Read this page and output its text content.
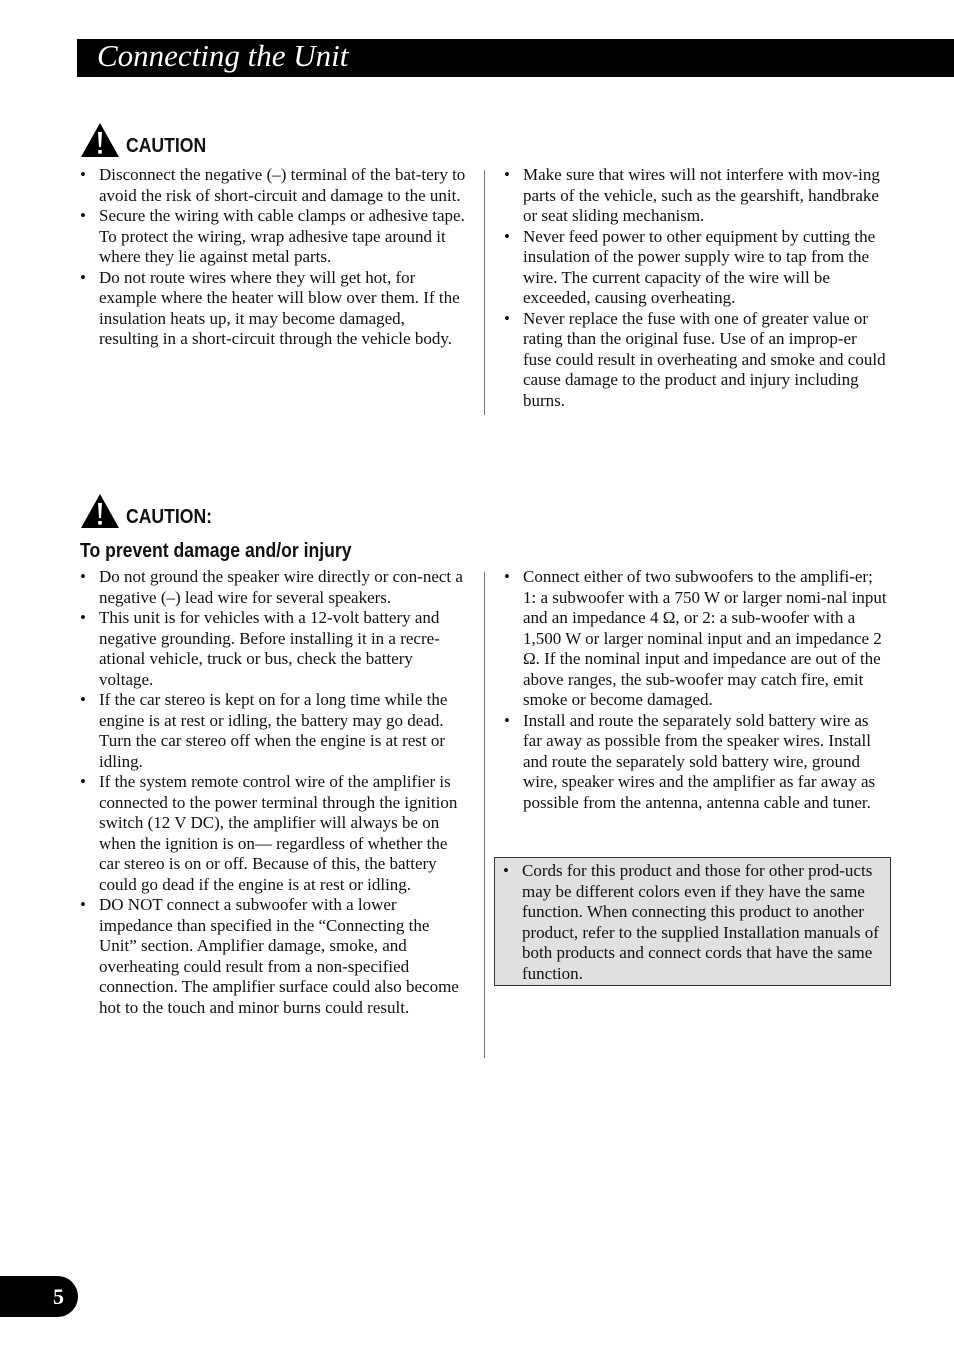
Connecting the Unit
CAUTION
• Disconnect the negative (–) terminal of the bat-tery to avoid the risk of short-circuit and damage to the unit.
• Secure the wiring with cable clamps or adhesive tape. To protect the wiring, wrap adhesive tape around it where they lie against metal parts.
• Do not route wires where they will get hot, for example where the heater will blow over them. If the insulation heats up, it may become damaged, resulting in a short-circuit through the vehicle body.
• Make sure that wires will not interfere with mov-ing parts of the vehicle, such as the gearshift, handbrake or seat sliding mechanism.
• Never feed power to other equipment by cutting the insulation of the power supply wire to tap from the wire. The current capacity of the wire will be exceeded, causing overheating.
• Never replace the fuse with one of greater value or rating than the original fuse. Use of an improp-er fuse could result in overheating and smoke and could cause damage to the product and injury including burns.
CAUTION:
To prevent damage and/or injury
• Do not ground the speaker wire directly or con-nect a negative (–) lead wire for several speakers.
• This unit is for vehicles with a 12-volt battery and negative grounding. Before installing it in a recre-ational vehicle, truck or bus, check the battery voltage.
• If the car stereo is kept on for a long time while the engine is at rest or idling, the battery may go dead. Turn the car stereo off when the engine is at rest or idling.
• If the system remote control wire of the amplifier is connected to the power terminal through the ignition switch (12 V DC), the amplifier will always be on when the ignition is on— regardless of whether the car stereo is on or off. Because of this, the battery could go dead if the engine is at rest or idling.
• DO NOT connect a subwoofer with a lower impedance than specified in the “Connecting the Unit” section. Amplifier damage, smoke, and overheating could result from a non-specified connection. The amplifier surface could also become hot to the touch and minor burns could result.
• Connect either of two subwoofers to the amplifi-er; 1: a subwoofer with a 750 W or larger nomi-nal input and an impedance 4 Ω, or 2: a sub-woofer with a 1,500 W or larger nominal input and an impedance 2 Ω. If the nominal input and impedance are out of the above ranges, the sub-woofer may catch fire, emit smoke or become damaged.
• Install and route the separately sold battery wire as far away as possible from the speaker wires. Install and route the separately sold battery wire, ground wire, speaker wires and the amplifier as far away as possible from the antenna, antenna cable and tuner.
• Cords for this product and those for other prod-ucts may be different colors even if they have the same function. When connecting this product to another product, refer to the supplied Installation manuals of both products and connect cords that have the same function.
5
